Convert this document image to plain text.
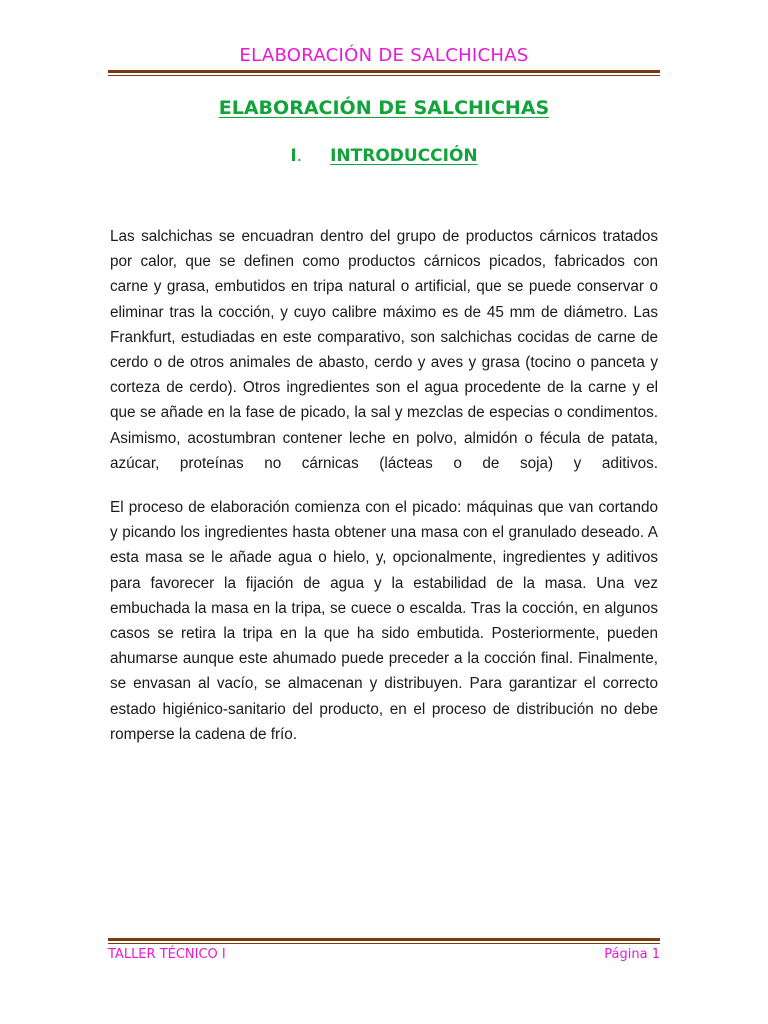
ELABORACIÓN DE SALCHICHAS
ELABORACIÓN DE SALCHICHAS
I. INTRODUCCIÓN

Las salchichas se encuadran dentro del grupo de productos cárnicos tratados por calor, que se definen como productos cárnicos picados, fabricados con carne y grasa, embutidos en tripa natural o artificial, que se puede conservar o eliminar tras la cocción, y cuyo calibre máximo es de 45 mm de diámetro. Las Frankfurt, estudiadas en este comparativo, son salchichas cocidas de carne de cerdo o de otros animales de abasto, cerdo y aves y grasa (tocino o panceta y corteza de cerdo). Otros ingredientes son el agua procedente de la carne y el que se añade en la fase de picado, la sal y mezclas de especias o condimentos. Asimismo, acostumbran contener leche en polvo, almidón o fécula de patata, azúcar, proteínas no cárnicas (lácteas o de soja) y aditivos.

El proceso de elaboración comienza con el picado: máquinas que van cortando y picando los ingredientes hasta obtener una masa con el granulado deseado. A esta masa se le añade agua o hielo, y, opcionalmente, ingredientes y aditivos para favorecer la fijación de agua y la estabilidad de la masa. Una vez embuchada la masa en la tripa, se cuece o escalda. Tras la cocción, en algunos casos se retira la tripa en la que ha sido embutida. Posteriormente, pueden ahumarse aunque este ahumado puede preceder a la cocción final. Finalmente, se envasan al vacío, se almacenan y distribuyen. Para garantizar el correcto estado higiénico-sanitario del producto, en el proceso de distribución no debe romperse la cadena de frío.

TALLER TÉCNICO I	Página 1
